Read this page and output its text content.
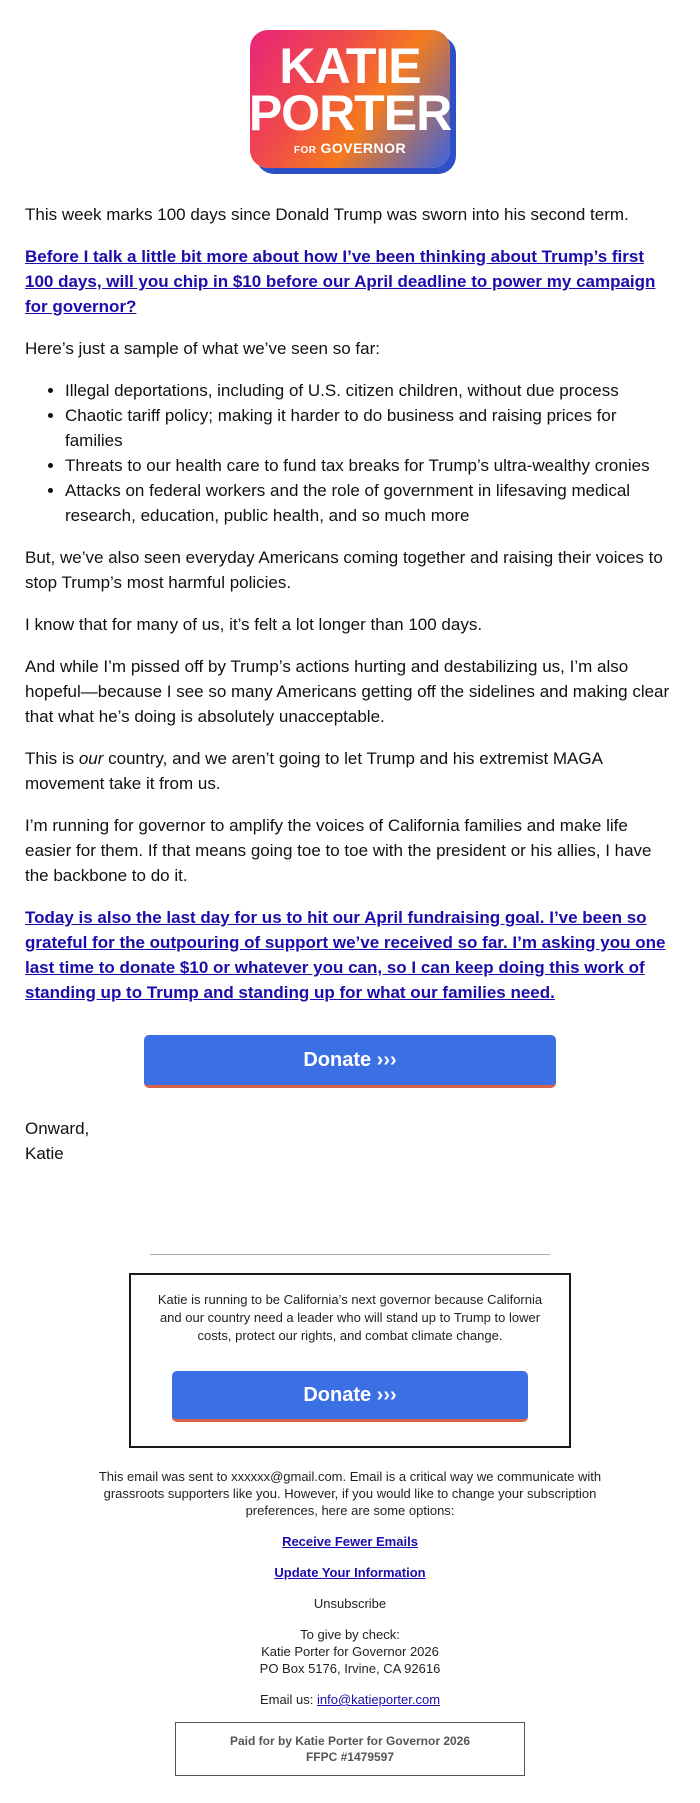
KATIE
PORTER
FOR GOVERNOR

This week marks 100 days since Donald Trump was sworn into his second term.

Before I talk a little bit more about how I’ve been thinking about Trump’s first 100 days, will you chip in $10 before our April deadline to power my campaign for governor?

Here’s just a sample of what we’ve seen so far:

• Illegal deportations, including of U.S. citizen children, without due process
• Chaotic tariff policy; making it harder to do business and raising prices for families
• Threats to our health care to fund tax breaks for Trump’s ultra-wealthy cronies
• Attacks on federal workers and the role of government in lifesaving medical research, education, public health, and so much more

But, we’ve also seen everyday Americans coming together and raising their voices to stop Trump’s most harmful policies.

I know that for many of us, it’s felt a lot longer than 100 days.

And while I’m pissed off by Trump’s actions hurting and destabilizing us, I’m also hopeful—because I see so many Americans getting off the sidelines and making clear that what he’s doing is absolutely unacceptable.

This is our country, and we aren’t going to let Trump and his extremist MAGA movement take it from us.

I’m running for governor to amplify the voices of California families and make life easier for them. If that means going toe to toe with the president or his allies, I have the backbone to do it.

Today is also the last day for us to hit our April fundraising goal. I’ve been so grateful for the outpouring of support we’ve received so far. I’m asking you one last time to donate $10 or whatever you can, so I can keep doing this work of standing up to Trump and standing up for what our families need.

Donate ›››
Onward,
Katie
Katie is running to be California’s next governor because California and our country need a leader who will stand up to Trump to lower costs, protect our rights, and combat climate change.
Donate ›››

This email was sent to xxxxxx@gmail.com. Email is a critical way we communicate with grassroots supporters like you. However, if you would like to change your subscription preferences, here are some options:

Receive Fewer Emails

Update Your Information

Unsubscribe

To give by check:
Katie Porter for Governor 2026
PO Box 5176, Irvine, CA 92616

Email us: info@katieporter.com

Paid for by Katie Porter for Governor 2026
FFPC #1479597
